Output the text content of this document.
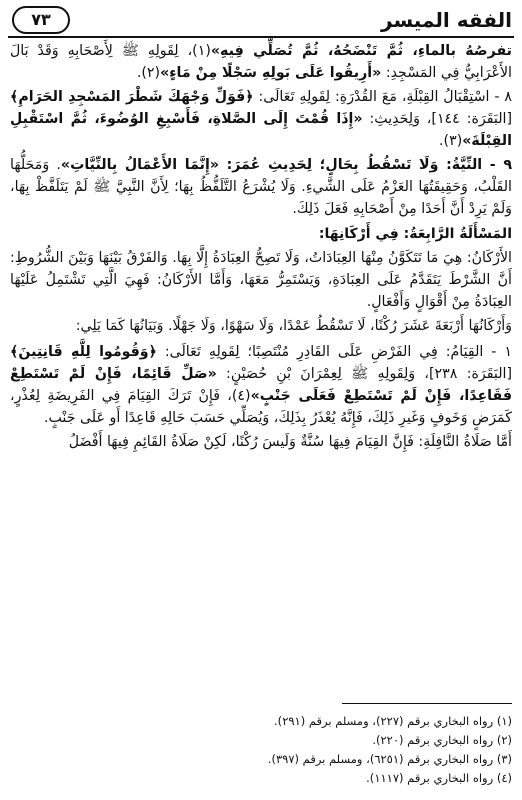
الفقه الميسر
٧٣

تفرصُهُ بالماءِ، ثُمَّ تَنْضَحُهُ، ثُمَّ تُصَلِّي فِيهِ»(١)، لِقَولِهِ ﷺ لِأَصْحَابِهِ وَقَدْ بَالَ الأَعْرَابِيُّ فِي المَسْجِدِ: «أَرِيقُوا عَلَى بَولِهِ سَجْلًا مِنْ مَاءٍ»(٢).

٨ - اسْتِقْبَالُ القِبْلَةِ، مَعَ القُدْرَةِ: لِقَولِهِ تَعَالَى: ﴿فَوَلِّ وَجْهَكَ شَطْرَ المَسْجِدِ الحَرَامِ﴾ [البَقَرَة: ١٤٤]، وَلِحَدِيثِ: «إِذَا قُمْتَ إِلَى الصَّلاةِ، فَأَسْبِغِ الوُضُوءَ، ثُمَّ اسْتَقْبِلِ القِبْلَةَ»(٣).

٩ - النِّيَّةُ: وَلَا تَسْقُطُ بِحَالٍ؛ لِحَدِيثِ عُمَرَ: «إِنَّمَا الأَعْمَالُ بِالنِّيَّاتِ». وَمَحَلُّهَا القَلْبُ، وَحَقِيقَتُهَا العَزْمُ عَلَى الشَّيءِ. وَلَا يُشْرَعُ التَّلَفُّظُ بِهَا؛ لِأَنَّ النَّبِيَّ ﷺ لَمْ يَتَلَفَّظْ بِهَا، وَلَمْ يَرِدْ أَنَّ أَحَدًا مِنْ أَصْحَابِهِ فَعَلَ ذَلِكَ.

المَسْأَلَةُ الرَّابِعَةُ: فِي أَرْكَانِهَا:

الأَرْكَانُ: هِيَ مَا تَتَكَوَّنُ مِنْهَا العِبَادَاتُ، وَلَا تَصِحُّ العِبَادَةُ إِلَّا بِهَا. وَالفَرْقُ بَيْنَهَا وَبَيْنَ الشُّرُوطِ: أَنَّ الشَّرْطَ يَتَقَدَّمُ عَلَى العِبَادَةِ، وَيَسْتَمِرُّ مَعَهَا، وَأَمَّا الأَرْكَانُ: فَهِيَ الَّتِي تَشْتَمِلُ عَلَيْهَا العِبَادَةُ مِنْ أَقْوَالٍ وَأَفْعَالٍ.

وَأَرْكَانُهَا أَرْبَعَةَ عَشَرَ رُكْنًا، لَا تَسْقُطُ عَمْدًا، وَلَا سَهْوًا، وَلَا جَهْلًا. وَبَيَانُهَا كَمَا يَلِي:

١ - القِيَامُ: فِي الفَرْضِ عَلَى القَادِرِ مُنْتَصِبًا؛ لِقَولِهِ تَعَالَى: ﴿وَقُومُوا لِلَّهِ قَانِتِينَ﴾ [البَقَرَة: ٢٣٨]، وَلِقَولِهِ ﷺ لِعِمْرَانَ بْنِ حُصَيْنٍ: «صَلِّ قَائِمًا، فَإِنْ لَمْ تَسْتَطِعْ فَقَاعِدًا، فَإِنْ لَمْ تَسْتَطِعْ فَعَلَى جَنْبٍ»(٤)، فَإِنْ تَرَكَ القِيَامَ فِي الفَرِيضَةِ لِعُذْرٍ، كَمَرَضٍ وَخَوفٍ وَغَيرِ ذَلِكَ، فَإِنَّهُ يُعْذَرُ بِذَلِكَ، وَيُصَلِّي حَسَبَ حَالِهِ قَاعِدًا أَو عَلَى جَنْبٍ.

أَمَّا صَلَاةُ النَّافِلَةِ: فَإِنَّ القِيَامَ فِيهَا سُنَّةٌ وَلَيسَ رُكْنًا، لَكِنْ صَلَاةُ القَائِمِ فِيهَا أَفْضَلُ

(١) رواه البخاري برقم (٢٢٧)، ومسلم برقم (٢٩١).

(٢) رواه البخاري برقم (٢٢٠).

(٣) رواه البخاري برقم (٦٢٥١)، ومسلم برقم (٣٩٧).

(٤) رواه البخاري برقم (١١١٧).
